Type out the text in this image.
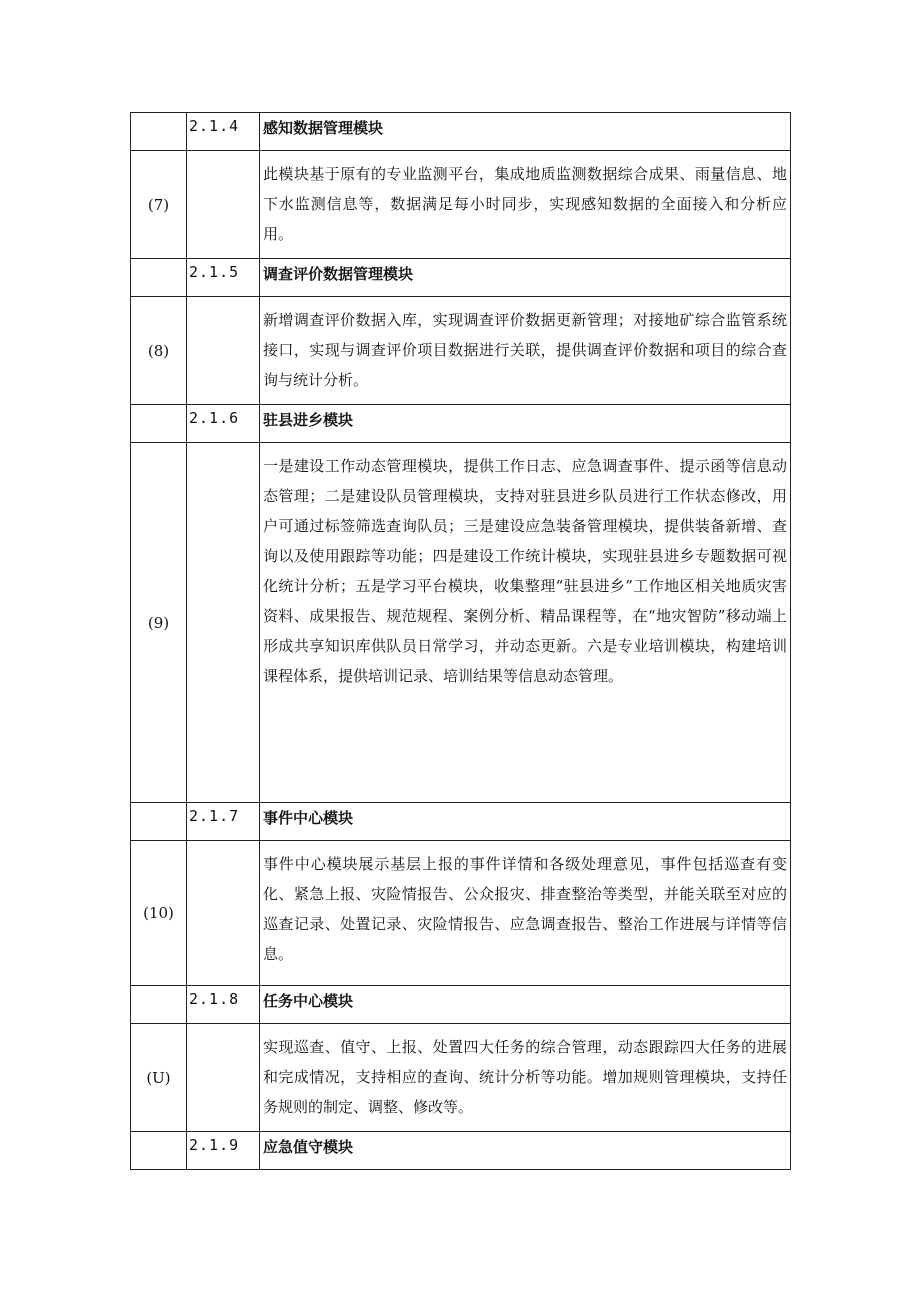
	2.1.4	感知数据管理模块
(7)		此模块基于原有的专业监测平台，集成地质监测数据综合成果、雨量信息、地下水监测信息等，数据满足每小时同步，实现感知数据的全面接入和分析应用。
	2.1.5	调查评价数据管理模块
(8)		新增调查评价数据入库，实现调查评价数据更新管理；对接地矿综合监管系统接口，实现与调查评价项目数据进行关联，提供调查评价数据和项目的综合查询与统计分析。
	2.1.6	驻县进乡模块
(9)		一是建设工作动态管理模块，提供工作日志、应急调查事件、提示函等信息动态管理；二是建设队员管理模块，支持对驻县进乡队员进行工作状态修改，用户可通过标签筛选查询队员；三是建设应急装备管理模块，提供装备新增、查询以及使用跟踪等功能；四是建设工作统计模块，实现驻县进乡专题数据可视化统计分析；五是学习平台模块，收集整理“驻县进乡”工作地区相关地质灾害资料、成果报告、规范规程、案例分析、精品课程等，在“地灾智防”移动端上形成共享知识库供队员日常学习，并动态更新。六是专业培训模块，构建培训课程体系，提供培训记录、培训结果等信息动态管理。
	2.1.7	事件中心模块
(10)		事件中心模块展示基层上报的事件详情和各级处理意见，事件包括巡查有变化、紧急上报、灾险情报告、公众报灾、排查整治等类型，并能关联至对应的巡查记录、处置记录、灾险情报告、应急调查报告、整治工作进展与详情等信息。
	2.1.8	任务中心模块
(U)		实现巡查、值守、上报、处置四大任务的综合管理，动态跟踪四大任务的进展和完成情况，支持相应的查询、统计分析等功能。增加规则管理模块，支持任务规则的制定、调整、修改等。
	2.1.9	应急值守模块
